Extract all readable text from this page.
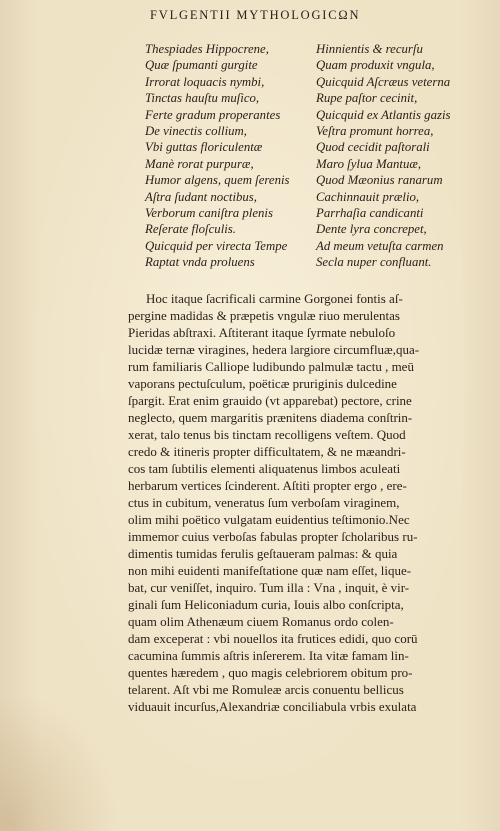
FVLGENTII MYTHOLOGICΩN
Thespiades Hippocrene,
Quæ ſpumanti gurgite
Irrorat loquacis nymbi,
Tinctas hauſtu muſico,
Ferte gradum properantes
De vinectis collium,
Vbi guttas floriculentæ
Manè rorat purpuræ,
Humor algens, quem ſerenis
Aſtra ſudant noctibus,
Verborum caniſtra plenis
Reſerate floſculis.
Quicquid per virecta Tempe
Raptat vnda proluens
Hinnientis & recurſu
Quam produxit vngula,
Quicquid Aſcræus veterna
Rupe paſtor cecinit,
Quicquid ex Atlantis gazis
Veſtra promunt horrea,
Quod cecidit paſtorali
Maro ſylua Mantuæ,
Quod Mæonius ranarum
Cachinnauit prælio,
Parrhaſia candicanti
Dente lyra concrepet,
Ad meum vetuſta carmen
Secla nuper confluant.
Hoc itaque ſacrificali carmine Gorgonei fontis aſ-
pergine madidas & præpetis vngulæ riuo merulentas
Pieridas abſtraxi. Aſtiterant itaque ſyrmate nebuloſo
lucidæ ternæ viragines, hedera largiore circumfluæ,qua-
rum familiaris Calliope ludibundo palmulæ tactu , meū
vaporans pectuſculum, poëticæ pruriginis dulcedine
ſpargit. Erat enim grauido (vt apparebat) pectore, crine
neglecto, quem margaritis prænitens diadema conſtrin-
xerat, talo tenus bis tinctam recolligens veſtem. Quod
credo & itineris propter difficultatem, & ne mæandri-
cos tam ſubtilis elementi aliquatenus limbos aculeati
herbarum vertices ſcinderent. Aſtiti propter ergo , ere-
ctus in cubitum, veneratus ſum verboſam viraginem,
olim mihi poëtico vulgatam euidentius teſtimonio.Nec
immemor cuius verboſas fabulas propter ſcholaribus ru-
dimentis tumidas ferulis geſtaueram palmas: & quia
non mihi euidenti manifeſtatione quæ nam eſſet, lique-
bat, cur veniſſet, inquiro. Tum illa : Vna , inquit, è vir-
ginali ſum Heliconiadum curia, Iouis albo conſcripta,
quam olim Athenæum ciuem Romanus ordo colen-
dam exceperat : vbi nouellos ita frutices edidi, quo corū
cacumina ſummis aſtris inſererem. Ita vitæ famam lin-
quentes hæredem , quo magis celebriorem obitum pro-
telarent. Aſt vbi me Romuleæ arcis conuentu bellicus
viduauit incurſus,Alexandriæ conciliabula vrbis exulata
